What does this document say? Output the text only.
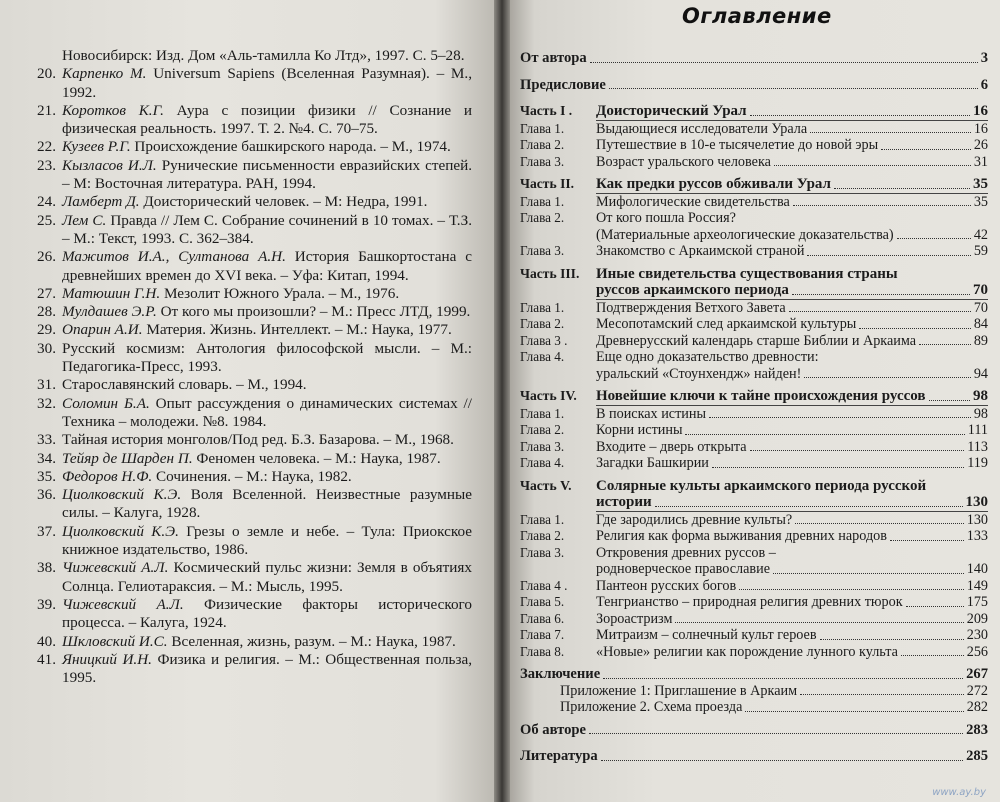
Новосибирск: Изд. Дом «Аль-тамилла Ко Лтд», 1997. С. 5–28.
20. Карпенко М. Universum Sapiens (Вселенная Разумная). – М., 1992.
21. Коротков К.Г. Аура с позиции физики // Сознание и физическая реальность. 1997. Т. 2. №4. С. 70–75.
22. Кузеев Р.Г. Происхождение башкирского народа. – М., 1974.
23. Кызласов И.Л. Рунические письменности евразийских степей. – М: Восточная литература. РАН, 1994.
24. Ламберт Д. Доисторический человек. – М: Недра, 1991.
25. Лем С. Правда // Лем С. Собрание сочинений в 10 томах. – Т.З. – М.: Текст, 1993. С. 362–384.
26. Мажитов И.А., Султанова А.Н. История Башкортостана с древнейших времен до XVI века. – Уфа: Китап, 1994.
27. Матюшин Г.Н. Мезолит Южного Урала. – М., 1976.
28. Мулдашев Э.Р. От кого мы произошли? – М.: Пресс ЛТД, 1999.
29. Опарин А.И. Материя. Жизнь. Интеллект. – М.: Наука, 1977.
30. Русский космизм: Антология философской мысли. – М.: Педагогика-Пресс, 1993.
31. Старославянский словарь. – М., 1994.
32. Соломин Б.А. Опыт рассуждения о динамических системах // Техника – молодежи. №8. 1984.
33. Тайная история монголов/Под ред. Б.З. Базарова. – М., 1968.
34. Тейяр де Шарден П. Феномен человека. – М.: Наука, 1987.
35. Федоров Н.Ф. Сочинения. – М.: Наука, 1982.
36. Циолковский К.Э. Воля Вселенной. Неизвестные разумные силы. – Калуга, 1928.
37. Циолковский К.Э. Грезы о земле и небе. – Тула: Приокское книжное издательство, 1986.
38. Чижевский А.Л. Космический пульс жизни: Земля в объятиях Солнца. Гелиотараксия. – М.: Мысль, 1995.
39. Чижевский А.Л. Физические факторы исторического процесса. – Калуга, 1924.
40. Шкловский И.С. Вселенная, жизнь, разум. – М.: Наука, 1987.
41. Яницкий И.Н. Физика и религия. – М.: Общественная польза, 1995.
Оглавление
От автора	3
Предисловие	6
Часть I .	Доисторический Урал	16
Глава 1.	Выдающиеся исследователи Урала	16
Глава 2.	Путешествие в 10-е тысячелетие до новой эры	26
Глава 3.	Возраст уральского человека	31
Часть II.	Как предки руссов обживали Урал	35
Глава 1.	Мифологические свидетельства	35
Глава 2.	От кого пошла Россия?
(Материальные археологические доказательства)	42
Глава 3.	Знакомство с Аркаимской страной	59
Часть III.	Иные свидетельства существования страны
руссов аркаимского периода	70
Глава 1.	Подтверждения Ветхого Завета	70
Глава 2.	Месопотамский след аркаимской культуры	84
Глава 3 .	Древнерусский календарь старше Библии и Аркаима	89
Глава 4.	Еще одно доказательство древности:
уральский «Стоунхендж» найден!	94
Часть IV.	Новейшие ключи к тайне происхождения руссов	98
Глава 1.	В поисках истины	98
Глава 2.	Корни истины	111
Глава 3.	Входите – дверь открыта	113
Глава 4.	Загадки Башкирии	119
Часть V.	Солярные культы аркаимского периода русской
истории	130
Глава 1.	Где зародились древние культы?	130
Глава 2.	Религия как форма выживания древних народов	133
Глава 3.	Откровения древних руссов –
родноверческое православие	140
Глава 4 .	Пантеон русских богов	149
Глава 5.	Тенгрианство – природная религия древних тюрок	175
Глава 6.	Зороастризм	209
Глава 7.	Митраизм – солнечный культ героев	230
Глава 8.	«Новые» религии как порождение лунного культа	256
Заключение	267
Приложение 1: Приглашение в Аркаим	272
Приложение 2. Схема проезда	282
Об авторе	283
Литература	285
www.ay.by
